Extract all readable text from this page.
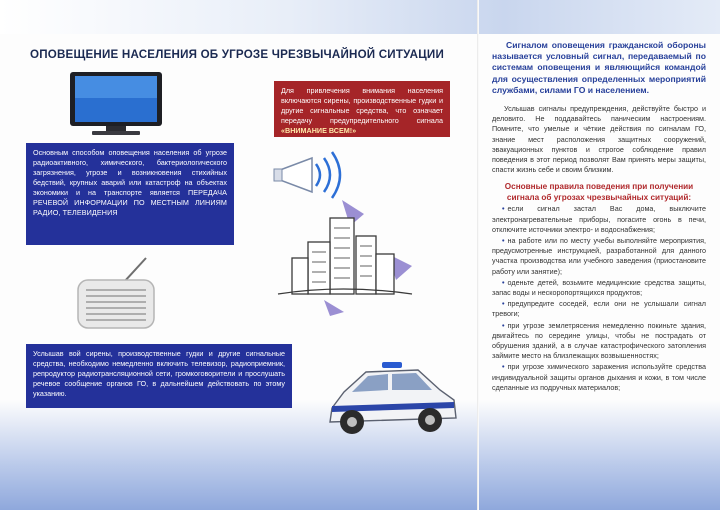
ОПОВЕЩЕНИЕ НАСЕЛЕНИЯ ОБ УГРОЗЕ ЧРЕЗВЫЧАЙНОЙ СИТУАЦИИ
Основным способом оповещения населения об угрозе радиоактивного, химического, бактериологического загрязнения, угрозе и возникновения стихийных бедствий, крупных аварий или катастроф на объектах экономики и на транспорте является ПЕРЕДАЧА РЕЧЕВОЙ ИНФОРМАЦИИ ПО МЕСТНЫМ ЛИНИЯМ РАДИО, ТЕЛЕВИДЕНИЯ
Для привлечения внимания населения включаются сирены, производственные гудки и другие сигнальные средства, что означает передачу предупредительного сигнала «ВНИМАНИЕ ВСЕМ!»
Услышав вой сирены, производственные гудки и другие сигнальные средства, необходимо немедленно включить телевизор, радиоприемник, репродуктор радиотрансляционной сети, громкоговорители и прослушать речевое сообщение органов ГО, в дальнейшем действовать по этому указанию.
Сигналом оповещения гражданской обороны называется условный сигнал, передаваемый по системам оповещения и являющийся командой для осуществления определенных мероприятий службами, силами ГО и населением.
Услышав сигналы предупреждения, действуйте быстро и деловито. Не поддавайтесь паническим настроениям. Помните, что умелые и чёткие действия по сигналам ГО, знание мест расположения защитных сооружений, эвакуационных пунктов и строгое соблюдение правил поведения в этот период позволят Вам принять меры защиты, спасти жизнь себе и своим близким.
Основные правила поведения при получении сигнала об угрозах чрезвычайных ситуаций:
• если сигнал застал Вас дома, выключите электронагревательные приборы, погасите огонь в печи, отключите источники электро- и водоснабжения;
• на работе или по месту учебы выполняйте мероприятия, предусмотренные инструкцией, разработанной для данного участка производства или учебного заведения (приостановите работу или занятие);
• оденьте детей, возьмите медицинские средства защиты, запас воды и нескоропортящихся продуктов;
• предупредите соседей, если они не услышали сигнал тревоги;
• при угрозе землетрясения немедленно покиньте здания, двигайтесь по середине улицы, чтобы не пострадать от обрушения зданий, а в случае катастрофического затопления займите место на близлежащих возвышенностях;
• при угрозе химического заражения используйте средства индивидуальной защиты органов дыхания и кожи, в том числе сделанные из подручных материалов;
